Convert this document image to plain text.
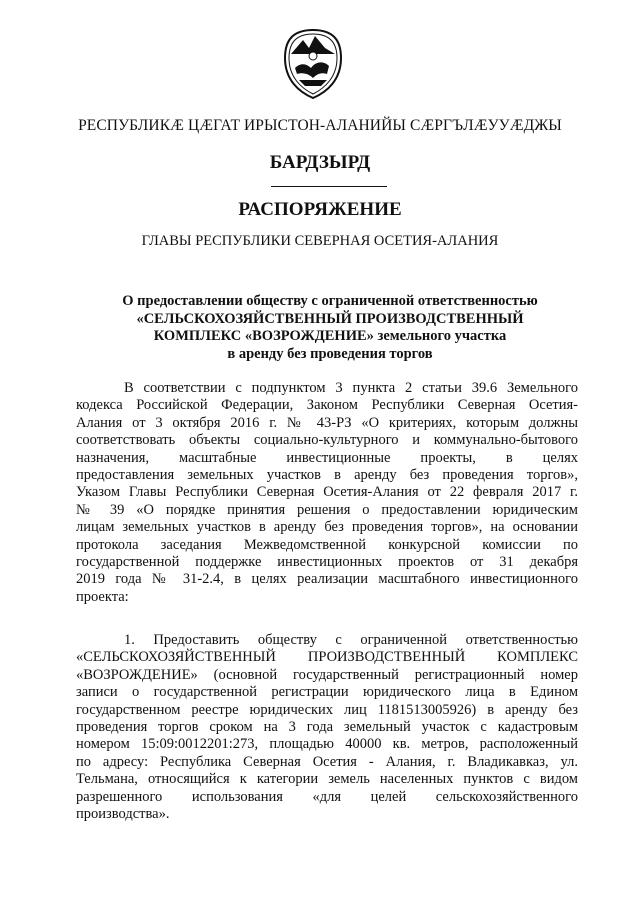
РЕСПУБЛИКӔ ЦӔГАТ ИРЫСТОН-АЛАНИЙЫ СӔРГЪЛӔУУӔДЖЫ
БАРДЗЫРД
РАСПОРЯЖЕНИЕ
ГЛАВЫ РЕСПУБЛИКИ СЕВЕРНАЯ ОСЕТИЯ-АЛАНИЯ
О предоставлении обществу с ограниченной ответственностью
«СЕЛЬСКОХОЗЯЙСТВЕННЫЙ ПРОИЗВОДСТВЕННЫЙ
КОМПЛЕКС «ВОЗРОЖДЕНИЕ» земельного участка
в аренду без проведения торгов
В соответствии с подпунктом 3 пункта 2 статьи 39.6 Земельного
кодекса Российской Федерации, Законом Республики Северная Осетия-
Алания от 3 октября 2016 г. № 43-РЗ «О критериях, которым должны
соответствовать объекты социально-культурного и коммунально-бытового
назначения, масштабные инвестиционные проекты, в целях
предоставления земельных участков в аренду без проведения торгов»,
Указом Главы Республики Северная Осетия-Алания от 22 февраля 2017 г.
№ 39 «О порядке принятия решения о предоставлении юридическим
лицам земельных участков в аренду без проведения торгов», на основании
протокола заседания Межведомственной конкурсной комиссии по
государственной поддержке инвестиционных проектов от 31 декабря
2019 года № 31-2.4, в целях реализации масштабного инвестиционного
проекта:
1. Предоставить обществу с ограниченной ответственностью
«СЕЛЬСКОХОЗЯЙСТВЕННЫЙ ПРОИЗВОДСТВЕННЫЙ КОМПЛЕКС
«ВОЗРОЖДЕНИЕ» (основной государственный регистрационный номер
записи о государственной регистрации юридического лица в Едином
государственном реестре юридических лиц 1181513005926) в аренду без
проведения торгов сроком на 3 года земельный участок с кадастровым
номером 15:09:0012201:273, площадью 40000 кв. метров, расположенный
по адресу: Республика Северная Осетия - Алания, г. Владикавказ, ул.
Тельмана, относящийся к категории земель населенных пунктов с видом
разрешенного использования «для целей сельскохозяйственного
производства».
